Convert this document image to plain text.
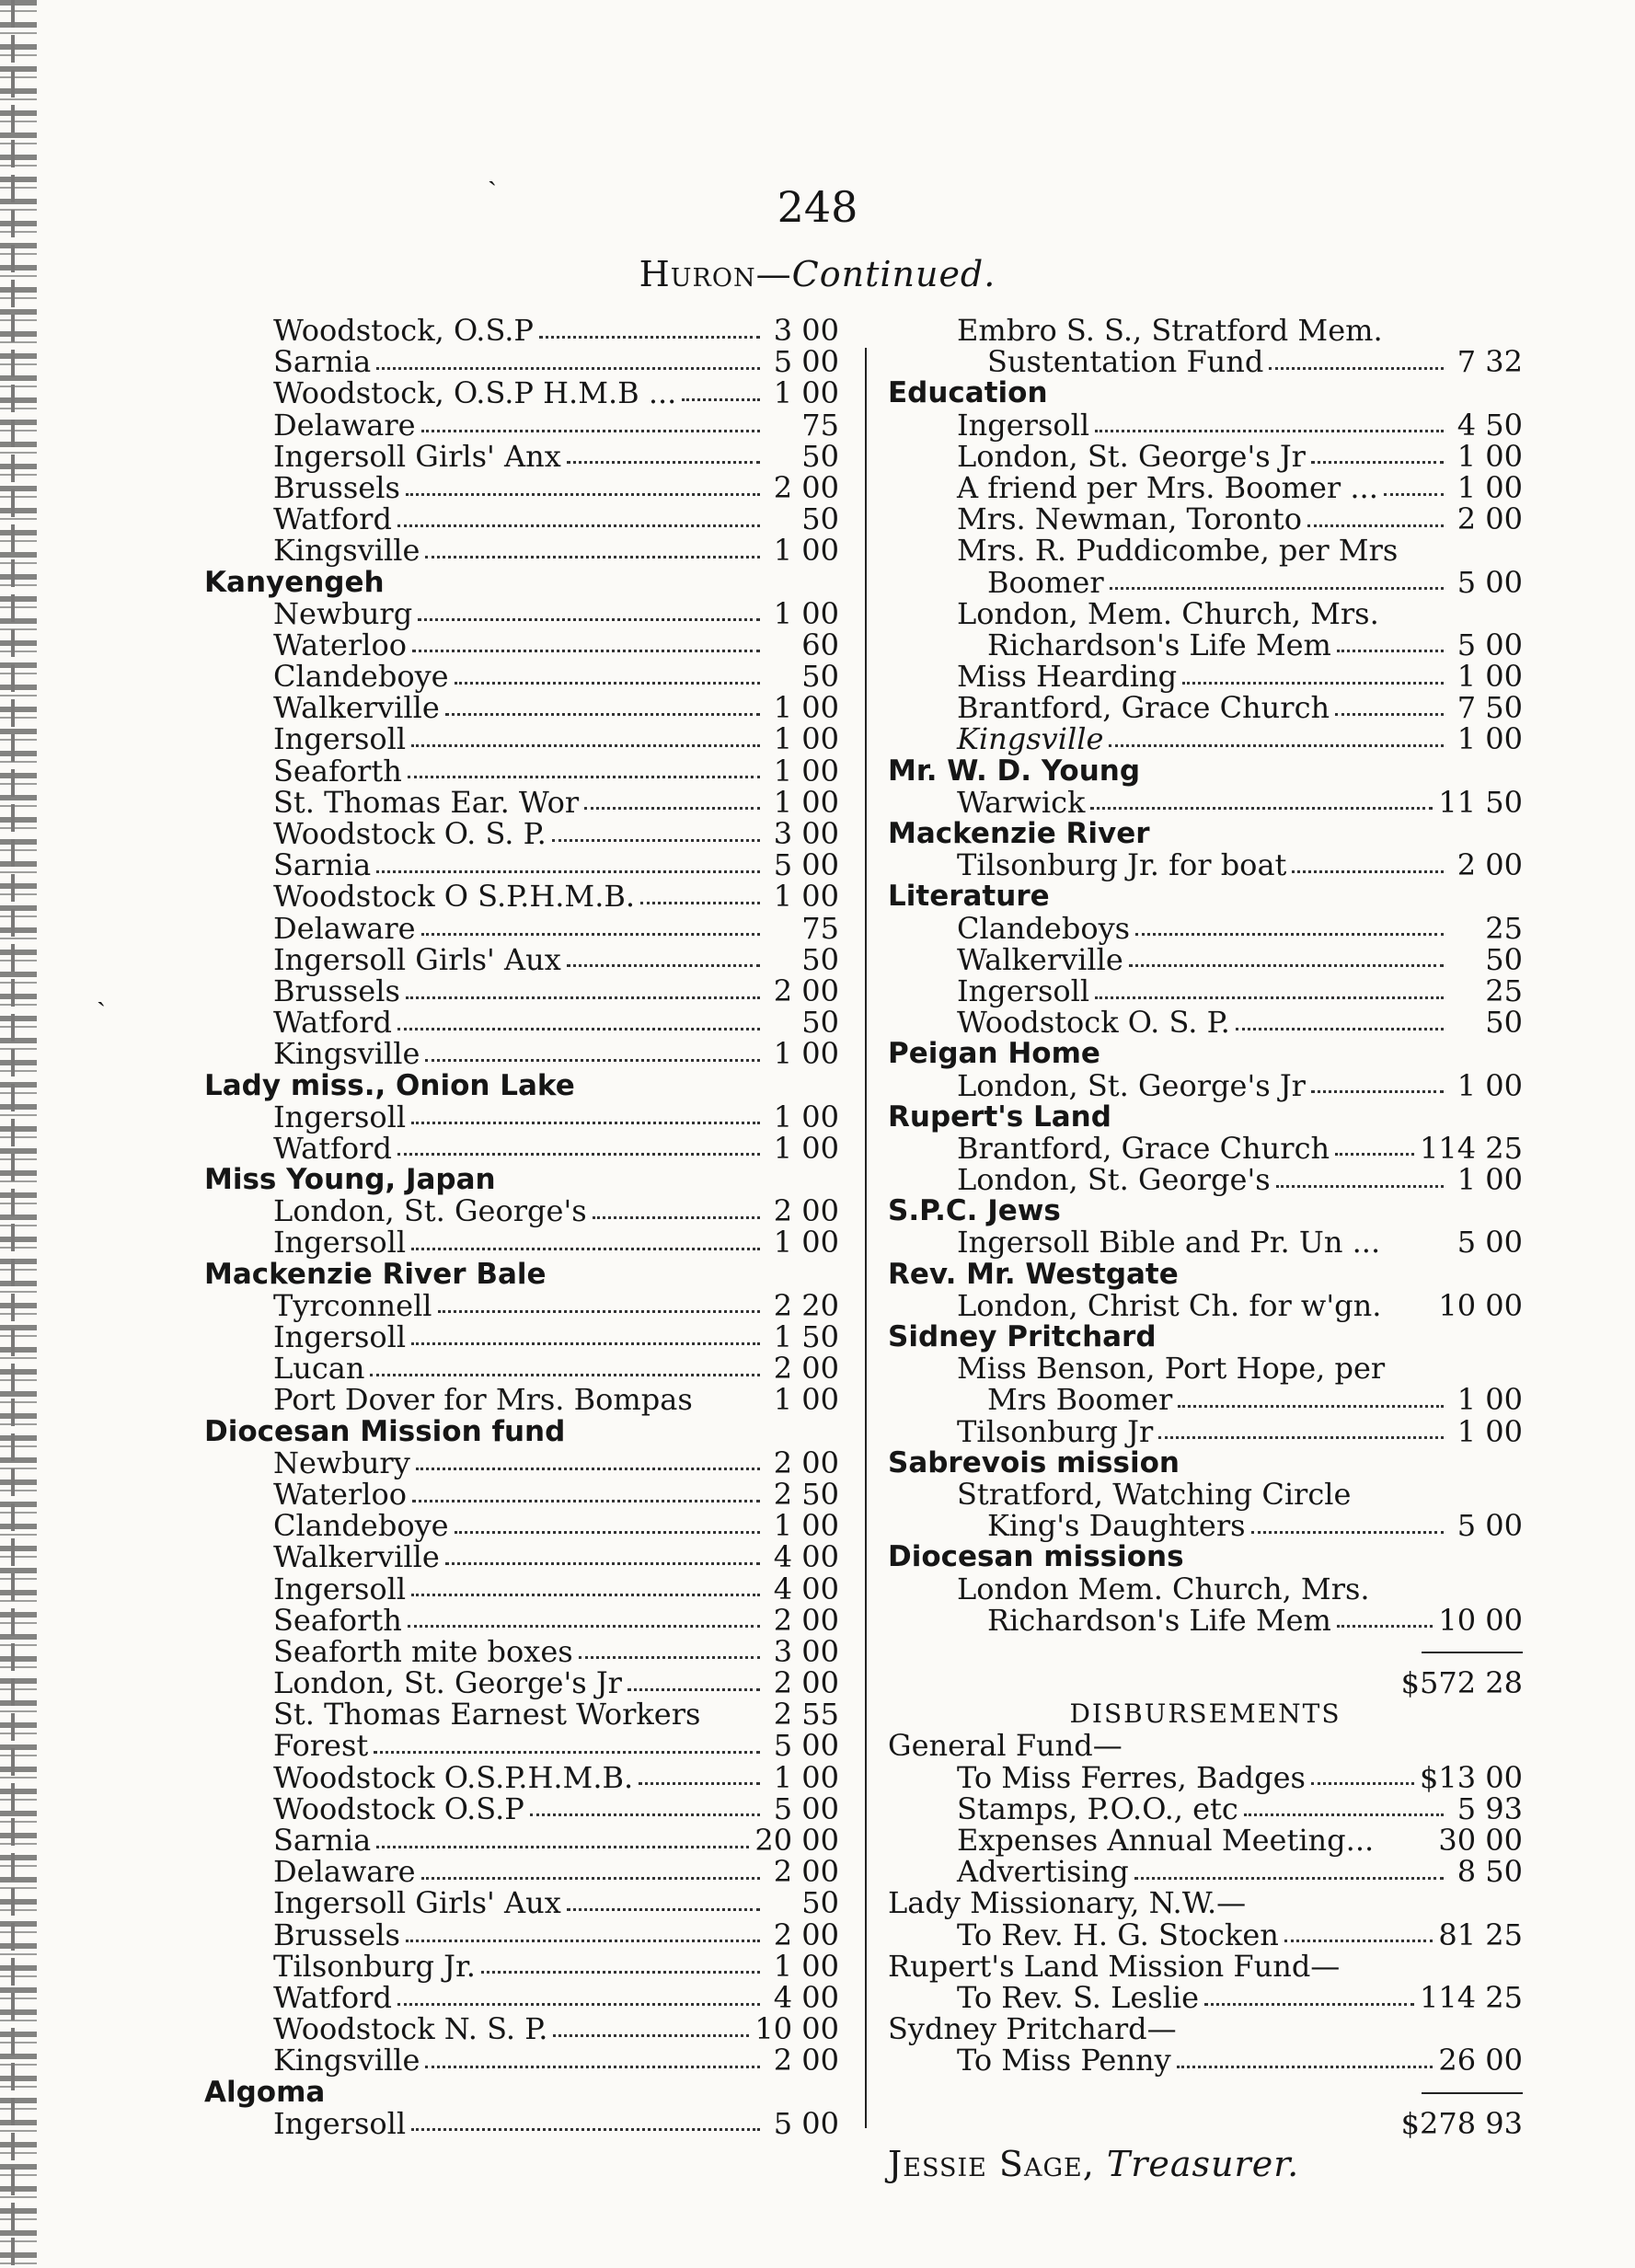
ˎ
ˏ
248
Huron—Continued.
Woodstock, O.S.P	3 00
Sarnia	5 00
Woodstock, O.S.P H.M.B ...	1 00
Delaware	75
Ingersoll Girls' Anx	50
Brussels	2 00
Watford	50
Kingsville	1 00
Kanyengeh
Newburg	1 00
Waterloo	60
Clandeboye	50
Walkerville	1 00
Ingersoll	1 00
Seaforth	1 00
St. Thomas Ear. Wor	1 00
Woodstock O. S. P.	3 00
Sarnia	5 00
Woodstock O S.P.H.M.B.	1 00
Delaware	75
Ingersoll Girls' Aux	50
Brussels	2 00
Watford	50
Kingsville	1 00
Lady miss., Onion Lake
Ingersoll	1 00
Watford	1 00
Miss Young, Japan
London, St. George's	2 00
Ingersoll	1 00
Mackenzie River Bale
Tyrconnell	2 20
Ingersoll	1 50
Lucan	2 00
Port Dover for Mrs. Bompas	1 00
Diocesan Mission fund
Newbury	2 00
Waterloo	2 50
Clandeboye	1 00
Walkerville	4 00
Ingersoll	4 00
Seaforth	2 00
Seaforth mite boxes	3 00
London, St. George's Jr	2 00
St. Thomas Earnest Workers 2 55
Forest	5 00
Woodstock O.S.P.H.M.B.	1 00
Woodstock O.S.P	5 00
Sarnia	20 00
Delaware	2 00
Ingersoll Girls' Aux	50
Brussels	2 00
Tilsonburg Jr.	1 00
Watford	4 00
Woodstock N. S. P.	10 00
Kingsville	2 00
Algoma
Ingersoll	5 00
Embro S. S., Stratford Mem.
Sustentation Fund	7 32
Education
Ingersoll	4 50
London, St. George's Jr	1 00
A friend per Mrs. Boomer ...	1 00
Mrs. Newman, Toronto	2 00
Mrs. R. Puddicombe, per Mrs
Boomer	5 00
London, Mem. Church, Mrs.
Richardson's Life Mem	5 00
Miss Hearding	1 00
Brantford, Grace Church	7 50
Kingsville	1 00
Mr. W. D. Young
Warwick	11 50
Mackenzie River
Tilsonburg Jr. for boat	2 00
Literature
Clandeboys	25
Walkerville	50
Ingersoll	25
Woodstock O. S. P.	50
Peigan Home
London, St. George's Jr	1 00
Rupert's Land
Brantford, Grace Church	114 25
London, St. George's	1 00
S.P.C. Jews
Ingersoll Bible and Pr. Un ...	5 00
Rev. Mr. Westgate
London, Christ Ch. for w'gn. 10 00
Sidney Pritchard
Miss Benson, Port Hope, per
Mrs Boomer	1 00
Tilsonburg Jr	1 00
Sabrevois mission
Stratford, Watching Circle
King's Daughters	5 00
Diocesan missions
London Mem. Church, Mrs.
Richardson's Life Mem	10 00
$572 28
DISBURSEMENTS
General Fund—
To Miss Ferres, Badges	$13 00
Stamps, P.O.O., etc	5 93
Expenses Annual Meeting... 30 00
Advertising	8 50
Lady Missionary, N.W.—
To Rev. H. G. Stocken	81 25
Rupert's Land Mission Fund—
To Rev. S. Leslie	114 25
Sydney Pritchard—
To Miss Penny	26 00
$278 93
Jessie Sage, Treasurer.
